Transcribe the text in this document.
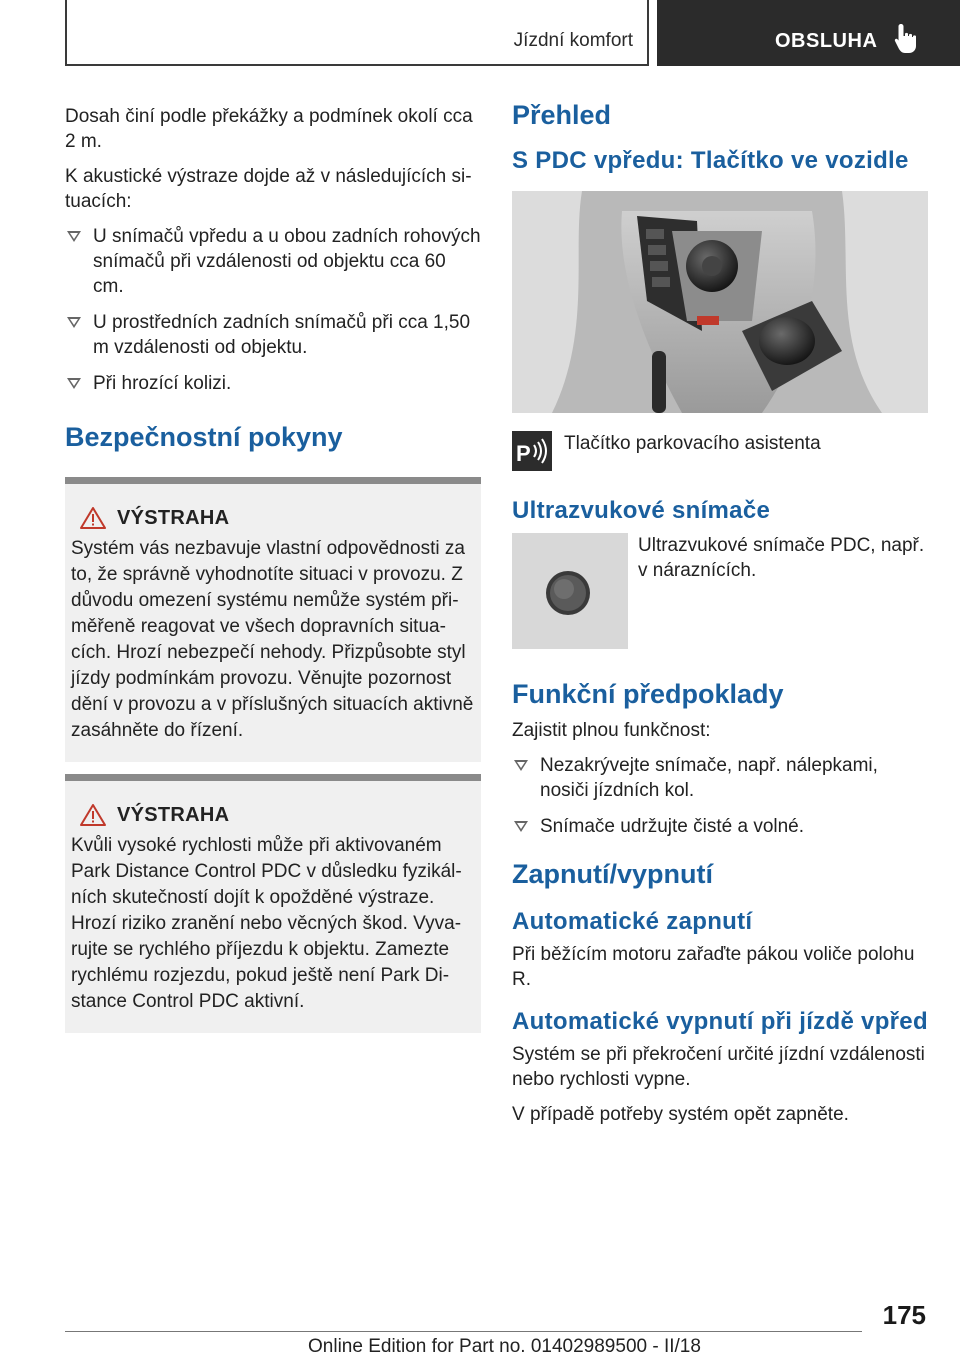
Jízdní komfort	OBSLUHA

Dosah činí podle překážky a podmínek okolí cca 2 m.

K akustické výstraze dojde až v následujících si-tuacích:

U snímačů vpředu a u obou zadních rohových snímačů při vzdálenosti od objektu cca 60 cm.
U prostředních zadních snímačů při cca 1,50 m vzdálenosti od objektu.
Při hrozící kolizi.
Bezpečnostní pokyny
VÝSTRAHA
Systém vás nezbavuje vlastní odpovědnosti za to, že správně vyhodnotíte situaci v provozu. Z důvodu omezení systému nemůže systém při-měřeně reagovat ve všech dopravních situa-cích. Hrozí nebezpečí nehody. Přizpůsobte styl jízdy podmínkám provozu. Věnujte pozornost dění v provozu a v příslušných situacích aktivně zasáhněte do řízení.
VÝSTRAHA
Kvůli vysoké rychlosti může při aktivovaném Park Distance Control PDC v důsledku fyzikál-ních skutečností dojít k opožděné výstraze. Hrozí riziko zranění nebo věcných škod. Vyva-rujte se rychlého příjezdu k objektu. Zamezte rychlému rozjezdu, pokud ještě není Park Di-stance Control PDC aktivní.
Přehled
S PDC vpředu: Tlačítko ve vozidle
P Tlačítko parkovacího asistenta

Ultrazvukové snímače

Ultrazvukové snímače PDC, např. v náraznících.

Funkční předpoklady

Zajistit plnou funkčnost:

Nezakrývejte snímače, např. nálepkami, nosiči jízdních kol.
Snímače udržujte čisté a volné.
Zapnutí/vypnutí
Automatické zapnutí

Při běžícím motoru zařaďte pákou voliče polohu R.

Automatické vypnutí při jízdě vpřed

Systém se při překročení určité jízdní vzdálenosti nebo rychlosti vypne.

V případě potřeby systém opět zapněte.

175
Online Edition for Part no. 01402989500 - II/18
